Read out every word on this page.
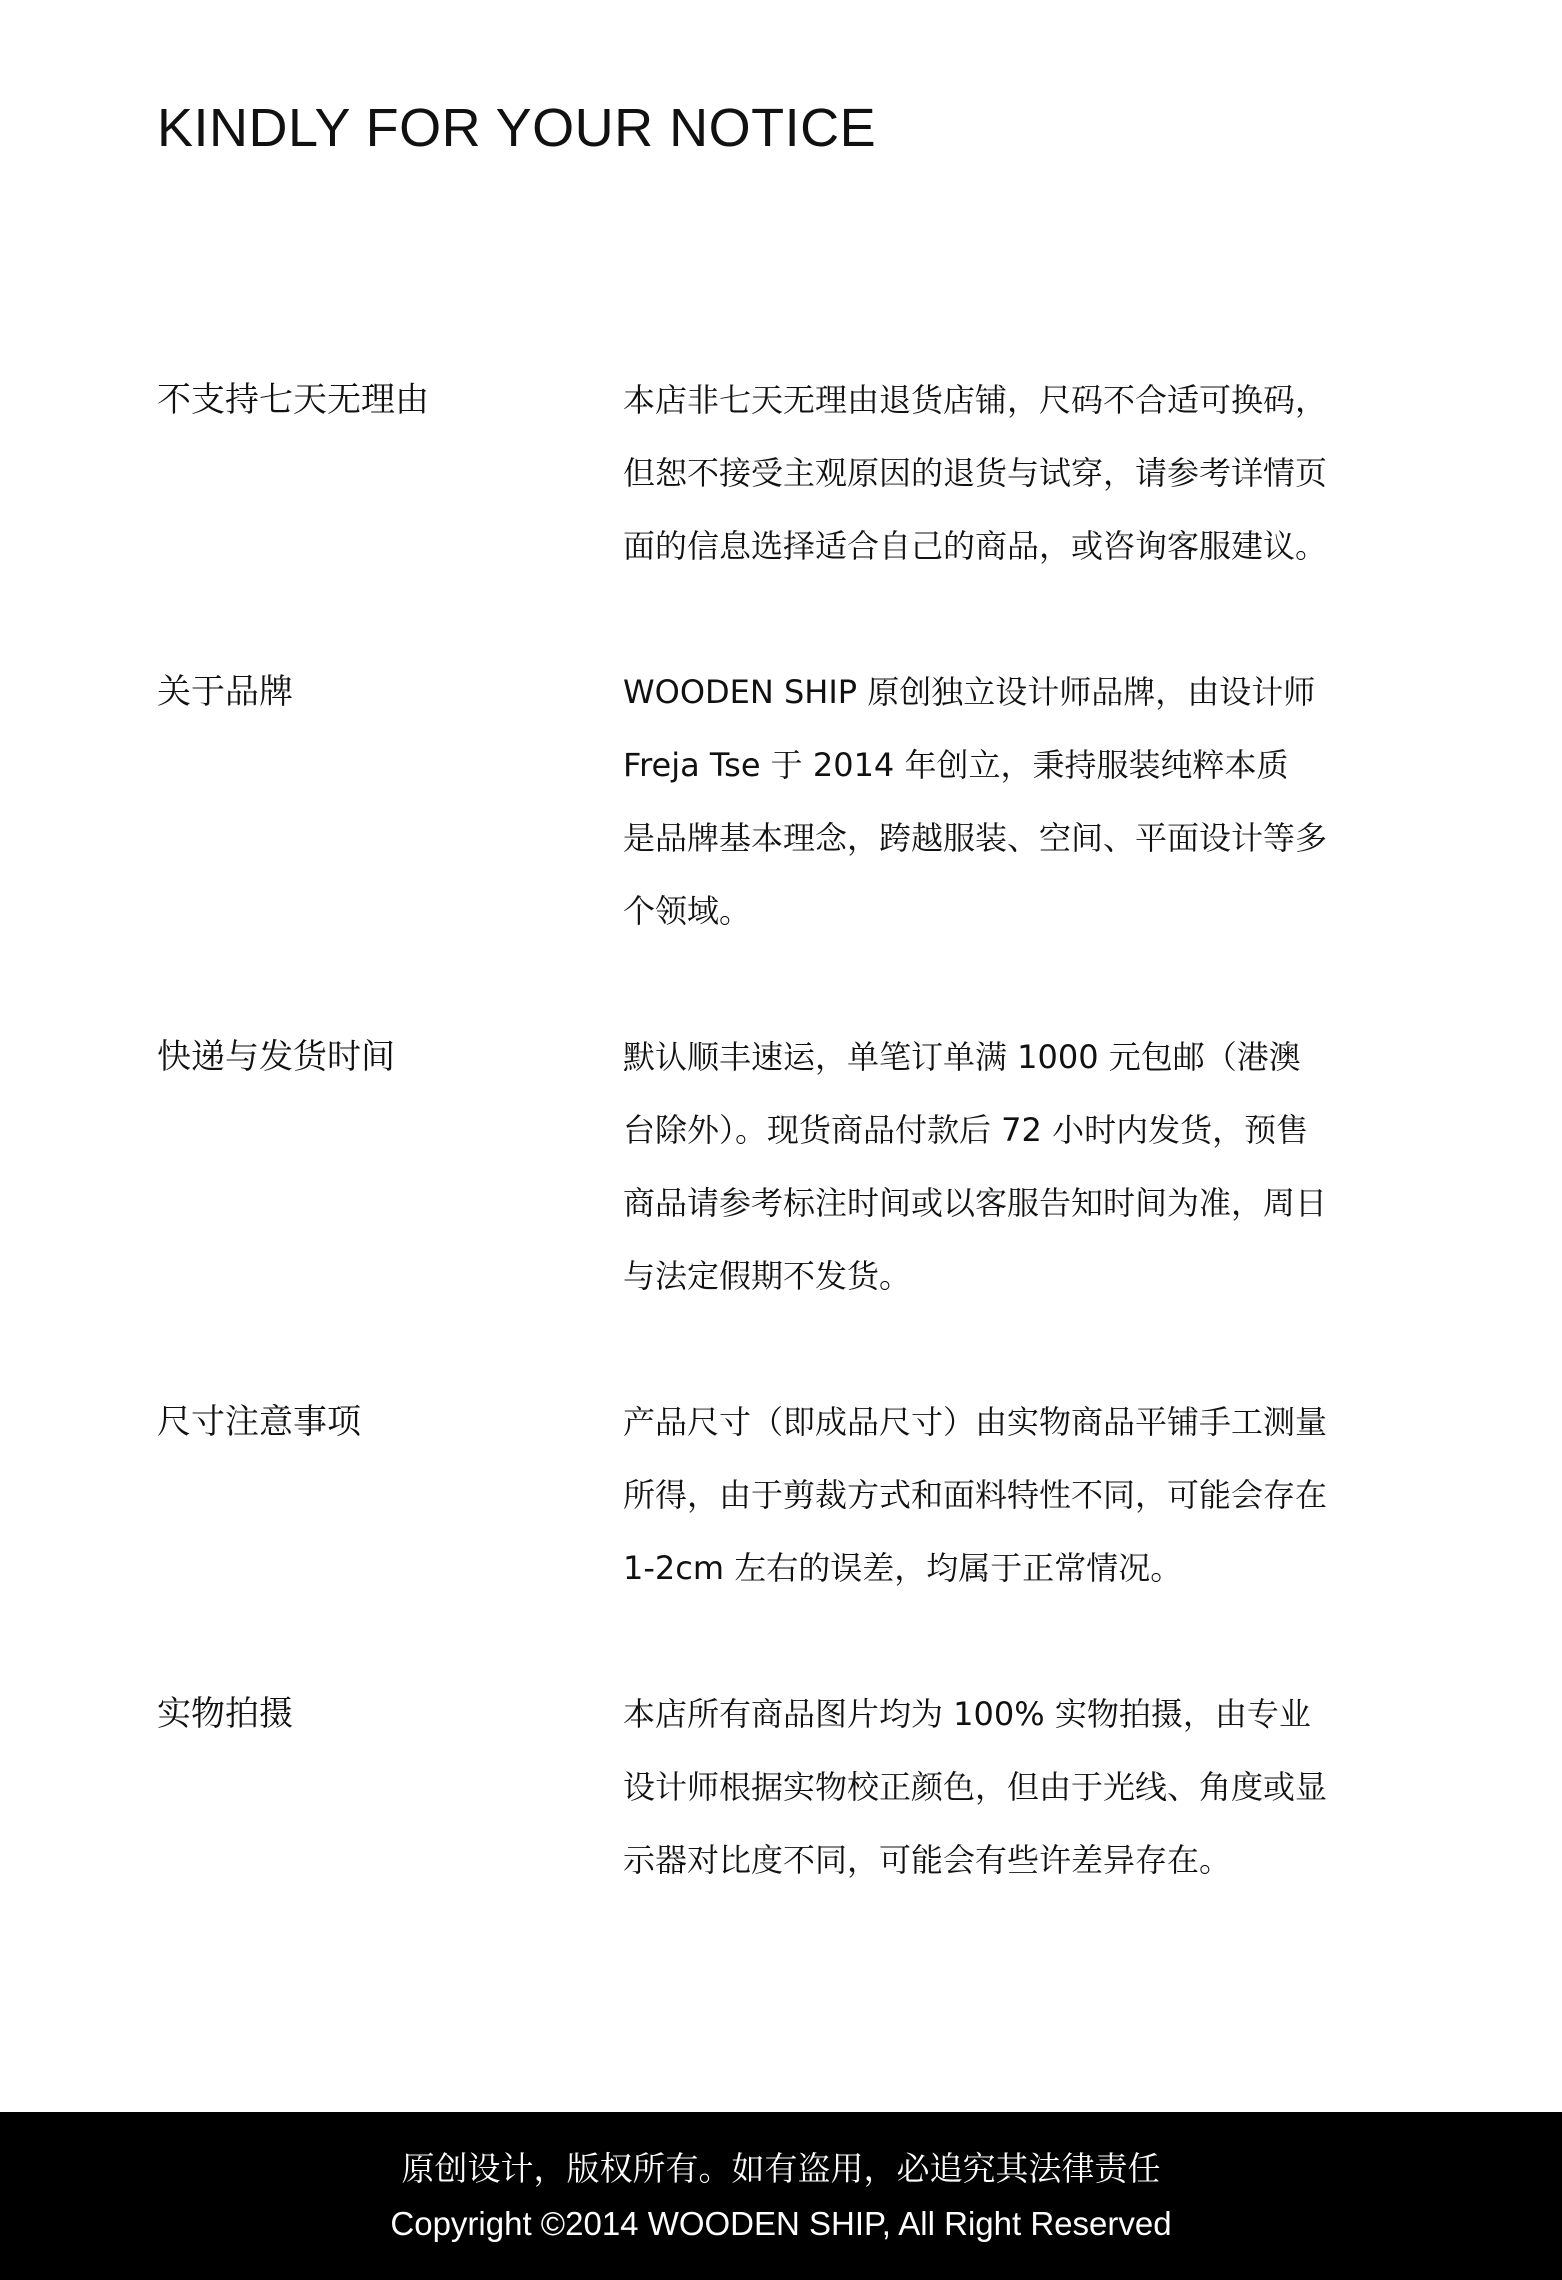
KINDLY FOR YOUR NOTICE

不支持七天无理由	本店非七天无理由退货店铺，尺码不合适可换码，
但恕不接受主观原因的退货与试穿，请参考详情页
面的信息选择适合自己的商品，或咨询客服建议。

关于品牌	WOODEN SHIP 原创独立设计师品牌，由设计师
Freja Tse 于 2014 年创立，秉持服装纯粹本质
是品牌基本理念，跨越服装、空间、平面设计等多
个领域。

快递与发货时间	默认顺丰速运，单笔订单满 1000 元包邮（港澳
台除外）。现货商品付款后 72 小时内发货，预售
商品请参考标注时间或以客服告知时间为准，周日
与法定假期不发货。

尺寸注意事项	产品尺寸（即成品尺寸）由实物商品平铺手工测量
所得，由于剪裁方式和面料特性不同，可能会存在
1-2cm 左右的误差，均属于正常情况。

实物拍摄	本店所有商品图片均为 100% 实物拍摄，由专业
设计师根据实物校正颜色，但由于光线、角度或显
示器对比度不同，可能会有些许差异存在。
原创设计，版权所有。如有盗用，必追究其法律责任
Copyright ©2014 WOODEN SHIP, All Right Reserved
